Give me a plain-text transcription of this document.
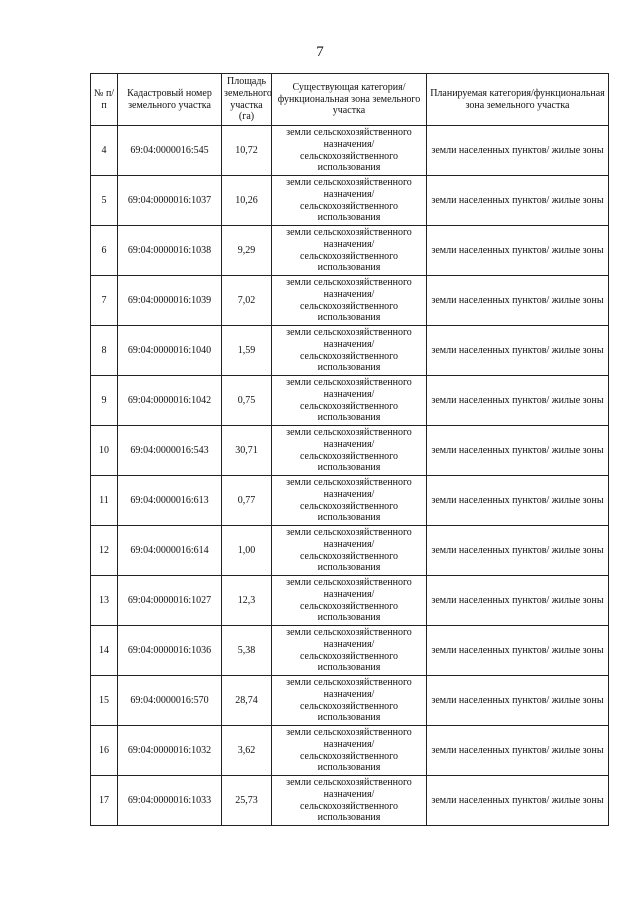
7
№ п/п	Кадастровый номер земельного участка	Площадь земельного участка (га)	Существующая категория/функциональная зона земельного участка	Планируемая категория/функциональная зона земельного участка
4	69:04:0000016:545	10,72	земли сельскохозяйственного назначения/ сельскохозяйственного использования	земли населенных пунктов/ жилые зоны
5	69:04:0000016:1037	10,26	земли сельскохозяйственного назначения/ сельскохозяйственного использования	земли населенных пунктов/ жилые зоны
6	69:04:0000016:1038	9,29	земли сельскохозяйственного назначения/ сельскохозяйственного использования	земли населенных пунктов/ жилые зоны
7	69:04:0000016:1039	7,02	земли сельскохозяйственного назначения/ сельскохозяйственного использования	земли населенных пунктов/ жилые зоны
8	69:04:0000016:1040	1,59	земли сельскохозяйственного назначения/ сельскохозяйственного использования	земли населенных пунктов/ жилые зоны
9	69:04:0000016:1042	0,75	земли сельскохозяйственного назначения/ сельскохозяйственного использования	земли населенных пунктов/ жилые зоны
10	69:04:0000016:543	30,71	земли сельскохозяйственного назначения/ сельскохозяйственного использования	земли населенных пунктов/ жилые зоны
11	69:04:0000016:613	0,77	земли сельскохозяйственного назначения/ сельскохозяйственного использования	земли населенных пунктов/ жилые зоны
12	69:04:0000016:614	1,00	земли сельскохозяйственного назначения/ сельскохозяйственного использования	земли населенных пунктов/ жилые зоны
13	69:04:0000016:1027	12,3	земли сельскохозяйственного назначения/ сельскохозяйственного использования	земли населенных пунктов/ жилые зоны
14	69:04:0000016:1036	5,38	земли сельскохозяйственного назначения/ сельскохозяйственного использования	земли населенных пунктов/ жилые зоны
15	69:04:0000016:570	28,74	земли сельскохозяйственного назначения/ сельскохозяйственного использования	земли населенных пунктов/ жилые зоны
16	69:04:0000016:1032	3,62	земли сельскохозяйственного назначения/ сельскохозяйственного использования	земли населенных пунктов/ жилые зоны
17	69:04:0000016:1033	25,73	земли сельскохозяйственного назначения/ сельскохозяйственного использования	земли населенных пунктов/ жилые зоны
